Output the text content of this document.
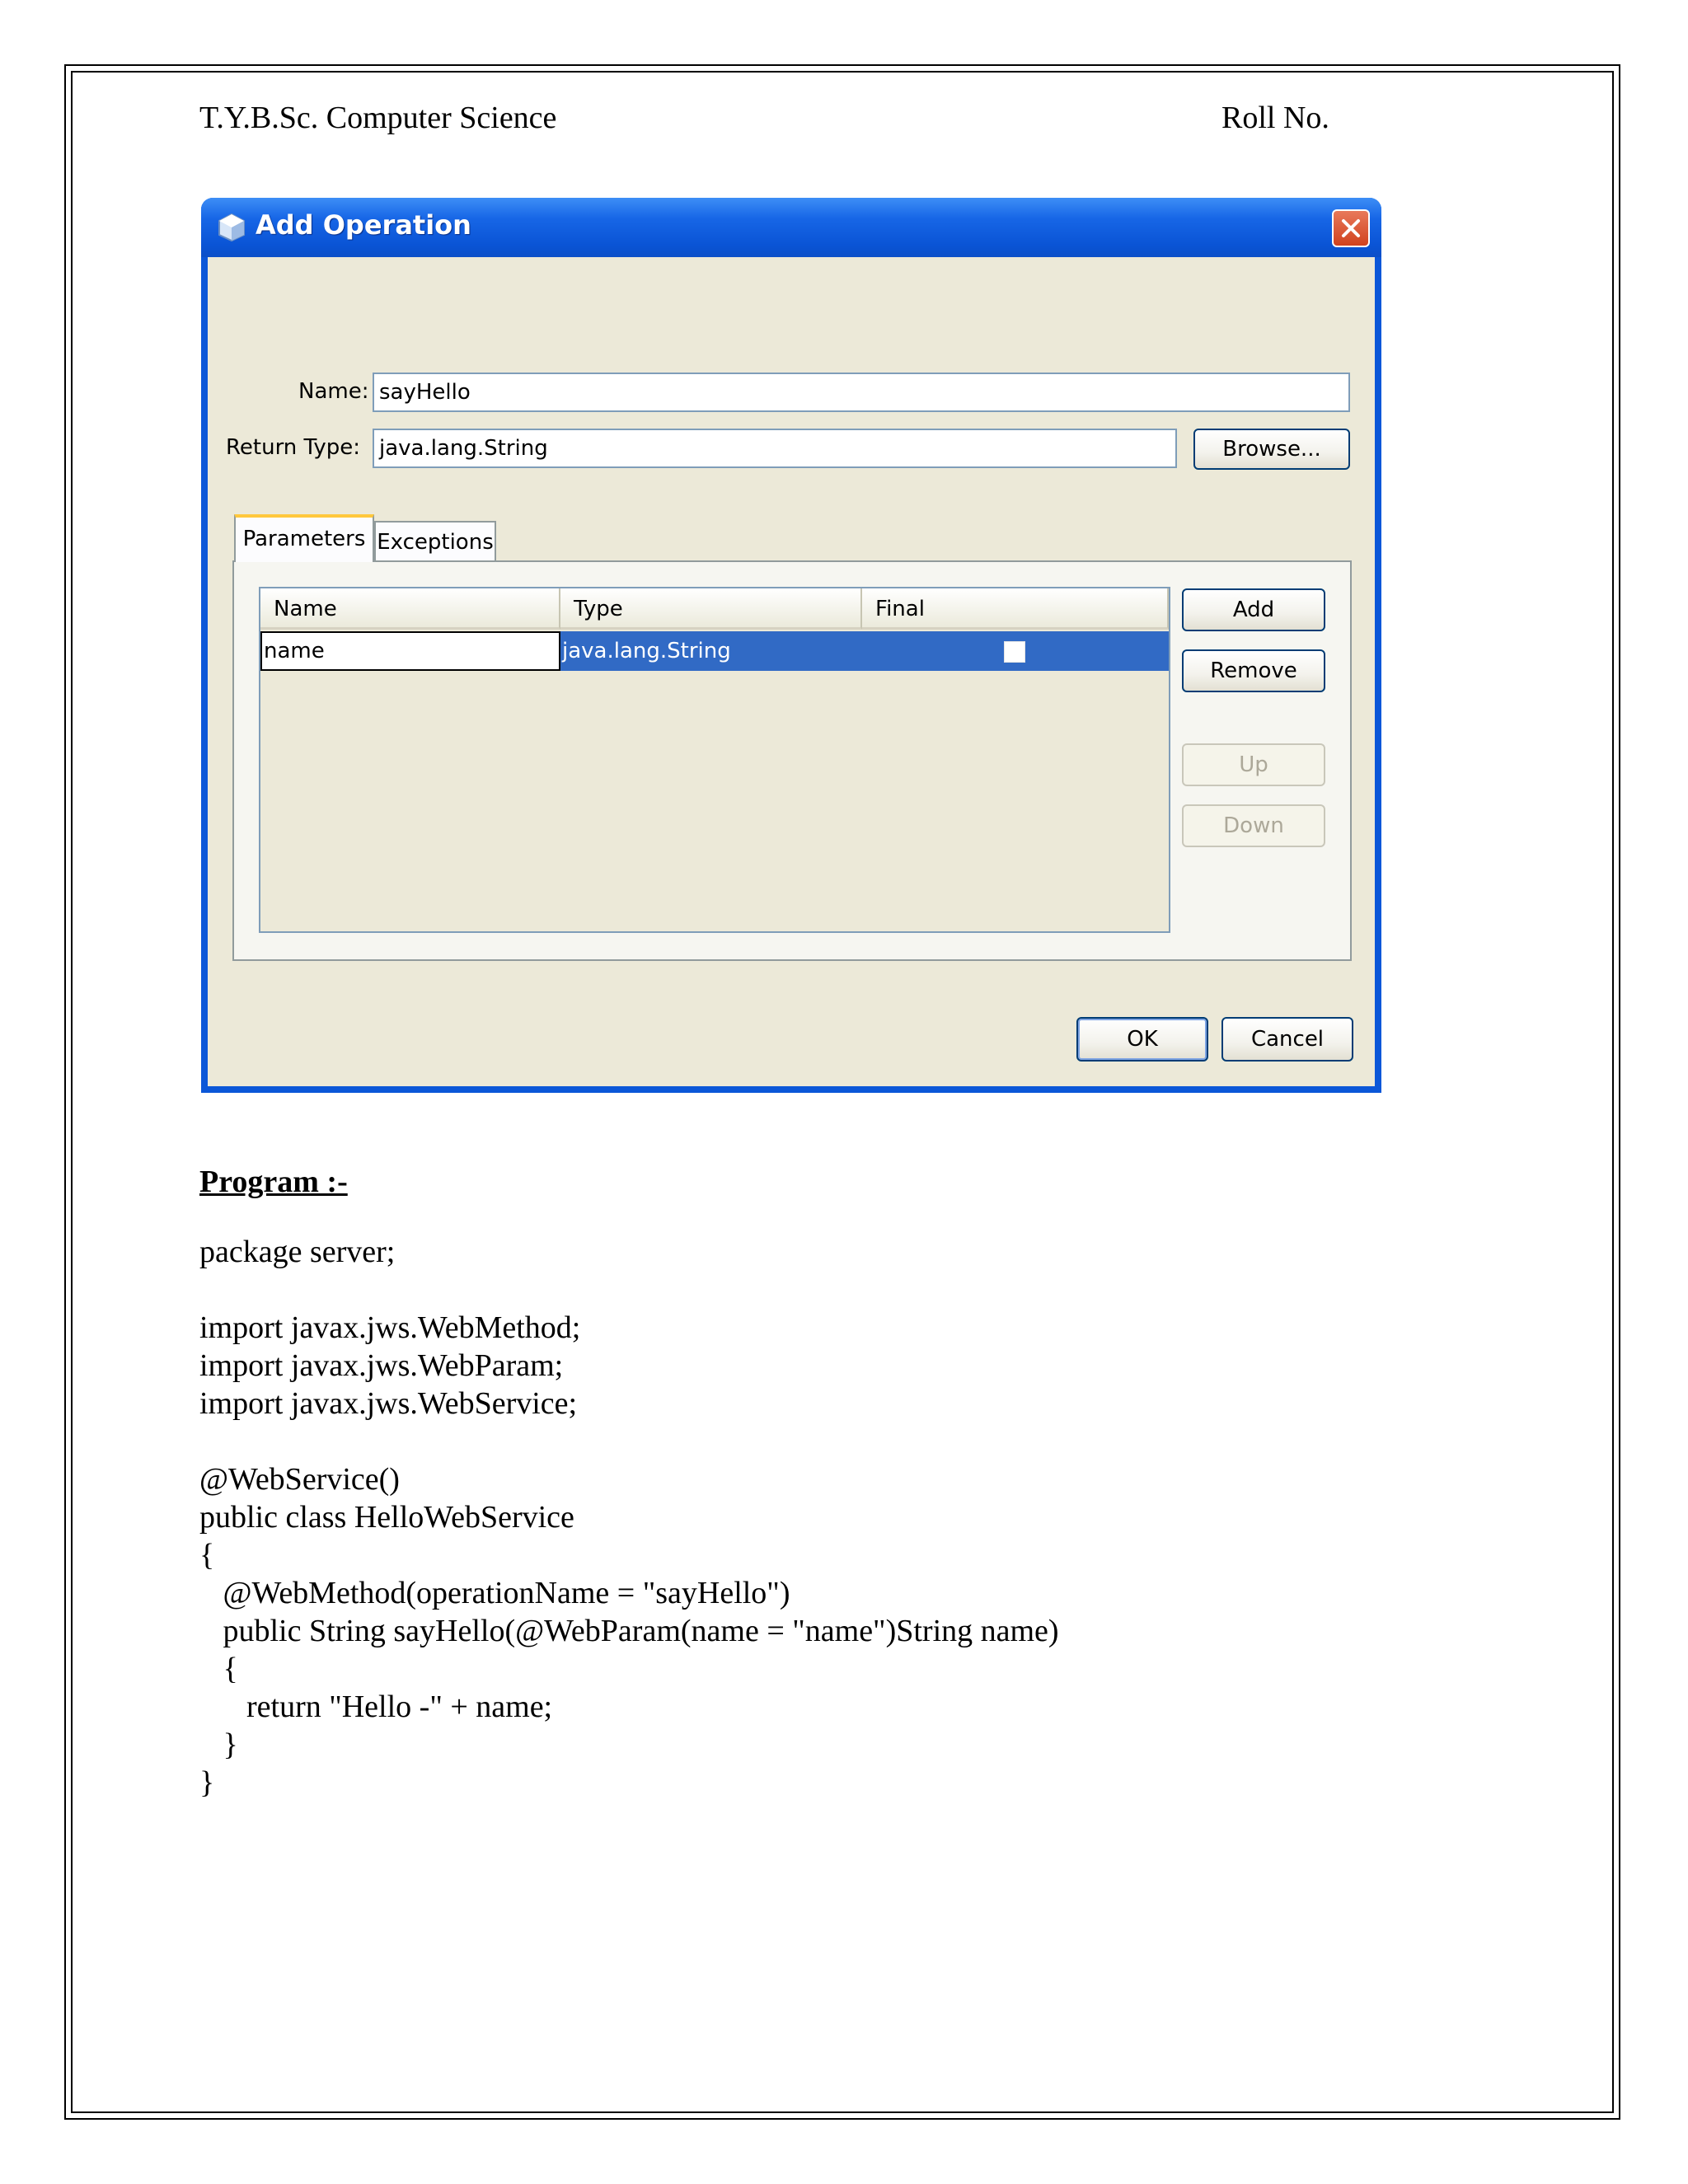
T.Y.B.Sc. Computer Science	Roll No.
Add Operation
Name: sayHello
Return Type: java.lang.String	Browse...
Parameters Exceptions
Name	Type	Final
name	java.lang.String
Add
Remove
Up
Down
OK	Cancel
Program :-
package server;
import javax.jws.WebMethod;
import javax.jws.WebParam;
import javax.jws.WebService;
@WebService()
public class HelloWebService
{
@WebMethod(operationName = "sayHello")
public String sayHello(@WebParam(name = "name")String name)
{
return "Hello -" + name;
}
}
